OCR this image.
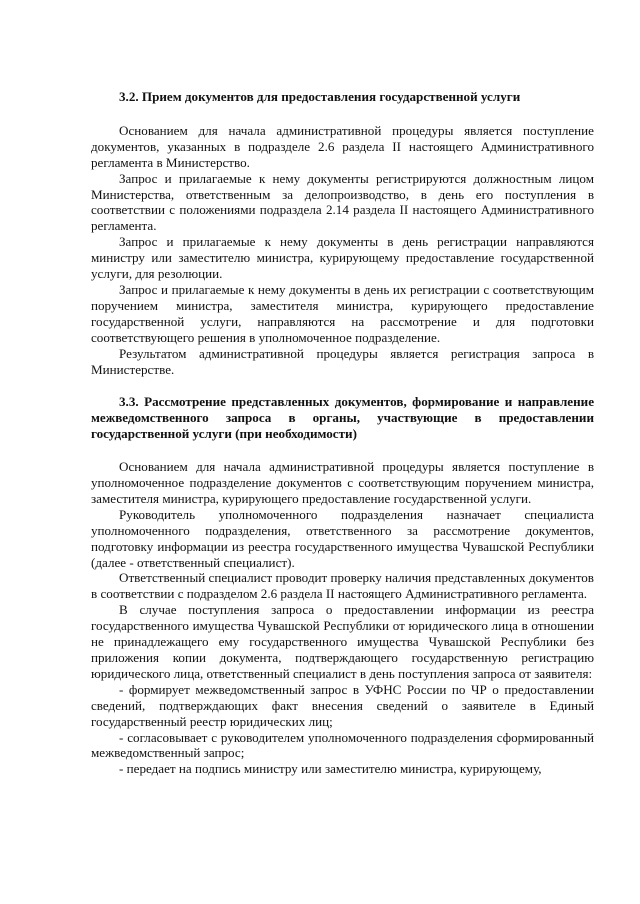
3.2. Прием документов для предоставления государственной услуги

Основанием для начала административной процедуры является поступление документов, указанных в подразделе 2.6 раздела II настоящего Административного регламента в Министерство.

Запрос и прилагаемые к нему документы регистрируются должностным лицом Министерства, ответственным за делопроизводство, в день его поступления в соответствии с положениями подраздела 2.14 раздела II настоящего Административного регламента.

Запрос и прилагаемые к нему документы в день регистрации направляются министру или заместителю министра, курирующему предоставление государственной услуги, для резолюции.

Запрос и прилагаемые к нему документы в день их регистрации с соответствующим поручением министра, заместителя министра, курирующего предоставление государственной услуги, направляются на рассмотрение и для подготовки соответствующего решения в уполномоченное подразделение.

Результатом административной процедуры является регистрация запроса в Министерстве.

3.3. Рассмотрение представленных документов, формирование и направление межведомственного запроса в органы, участвующие в предоставлении государственной услуги (при необходимости)

Основанием для начала административной процедуры является поступление в уполномоченное подразделение документов с соответствующим поручением министра, заместителя министра, курирующего предоставление государственной услуги.

Руководитель уполномоченного подразделения назначает специалиста уполномоченного подразделения, ответственного за рассмотрение документов, подготовку информации из реестра государственного имущества Чувашской Республики (далее - ответственный специалист).

Ответственный специалист проводит проверку наличия представленных документов в соответствии с подразделом 2.6 раздела II настоящего Административного регламента.

В случае поступления запроса о предоставлении информации из реестра государственного имущества Чувашской Республики от юридического лица в отношении не принадлежащего ему государственного имущества Чувашской Республики без приложения копии документа, подтверждающего государственную регистрацию юридического лица, ответственный специалист в день поступления запроса от заявителя:

- формирует межведомственный запрос в УФНС России по ЧР о предоставлении сведений, подтверждающих факт внесения сведений о заявителе в Единый государственный реестр юридических лиц;

- согласовывает с руководителем уполномоченного подразделения сформированный межведомственный запрос;

- передает на подпись министру или заместителю министра, курирующему,
